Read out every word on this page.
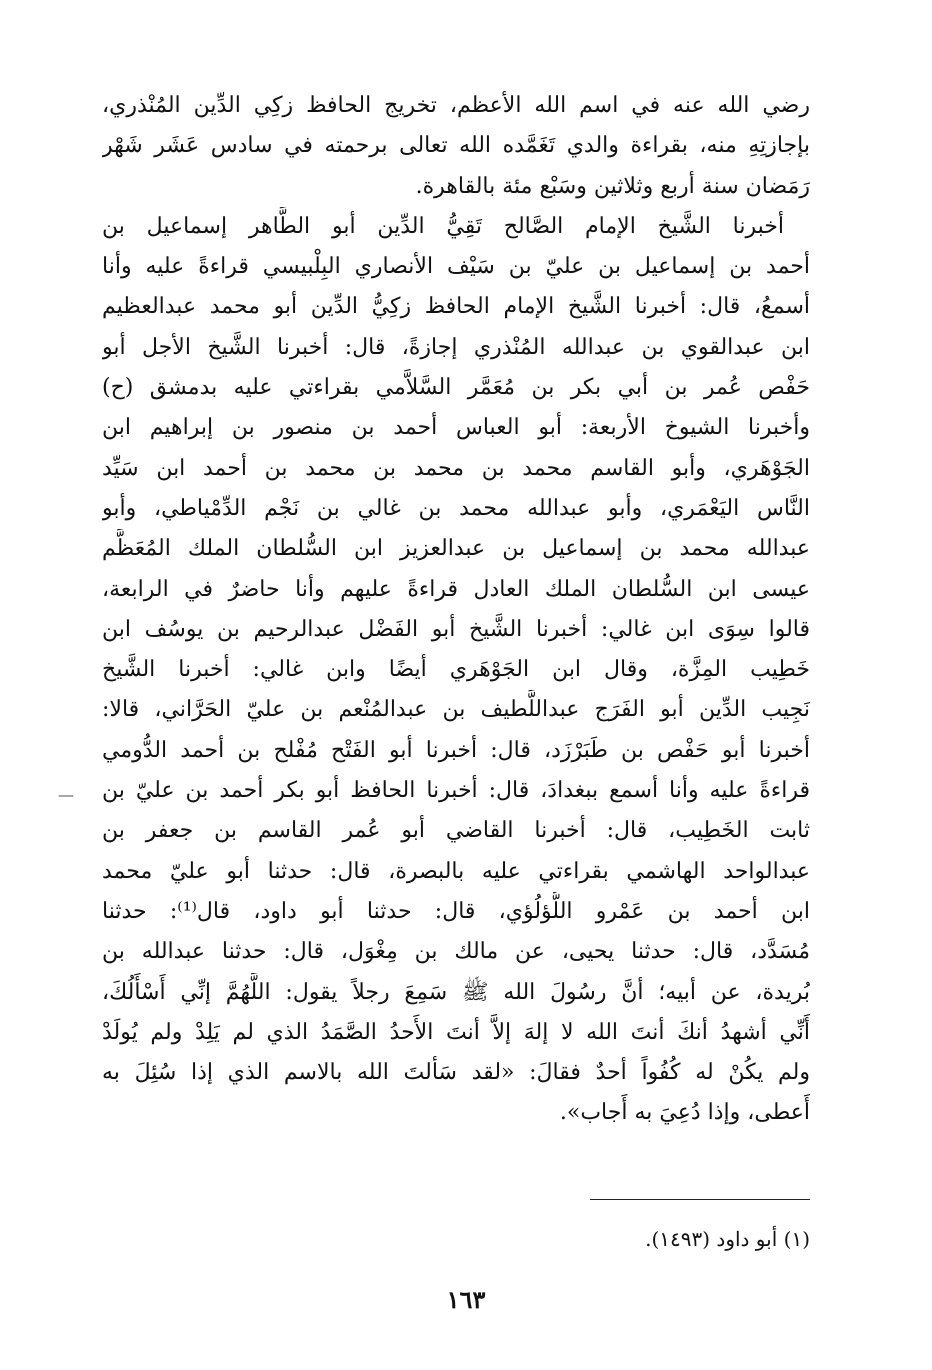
رضي الله عنه في اسم الله الأعظم، تخريج الحافظ زكِي الدِّين المُنْذري،
بإجازتِهِ منه، بقراءة والدي تَغَمَّده الله تعالى برحمته في سادس عَشَر شَهْر
رَمَضان سنة أربع وثلاثين وسَبْع مئة بالقاهرة.
أخبرنا الشَّيخ الإمام الصَّالح تَقِيُّ الدِّين أبو الطَّاهر إسماعيل بن
أحمد بن إسماعيل بن عليّ بن سَيْف الأنصاري البِلْبيسي قراءةً عليه وأنا
أسمعُ، قال: أخبرنا الشَّيخ الإمام الحافظ زكِيُّ الدِّين أبو محمد عبدالعظيم
ابن عبدالقوي بن عبدالله المُنْذري إجازةً، قال: أخبرنا الشَّيخ الأجل أبو
حَفْص عُمر بن أبي بكر بن مُعَمَّر السَّلاَّمي بقراءتي عليه بدمشق (ح)
وأخبرنا الشيوخ الأربعة: أبو العباس أحمد بن منصور بن إبراهيم ابن
الجَوْهَري، وأبو القاسم محمد بن محمد بن محمد بن أحمد ابن سَيِّد
النَّاس اليَعْمَري، وأبو عبدالله محمد بن غالي بن نَجْم الدِّمْياطي، وأبو
عبدالله محمد بن إسماعيل بن عبدالعزيز ابن السُّلطان الملك المُعَظَّم
عيسى ابن السُّلطان الملك العادل قراءةً عليهم وأنا حاضرٌ في الرابعة،
قالوا سِوَى ابن غالي: أخبرنا الشَّيخ أبو الفَضْل عبدالرحيم بن يوسُف ابن
خَطِيب المِزَّة، وقال ابن الجَوْهَري أيضًا وابن غالي: أخبرنا الشَّيخ
نَجِيب الدِّين أبو الفَرَج عبداللَّطيف بن عبدالمُنْعم بن عليّ الحَرَّاني، قالا:
أخبرنا أبو حَفْص بن طَبَرْزَد، قال: أخبرنا أبو الفَتْح مُفْلح بن أحمد الدُّومي
قراءةً عليه وأنا أسمع ببغدادَ، قال: أخبرنا الحافظ أبو بكر أحمد بن عليّ بن
ثابت الخَطِيب، قال: أخبرنا القاضي أبو عُمر القاسم بن جعفر بن
عبدالواحد الهاشمي بقراءتي عليه بالبصرة، قال: حدثنا أبو عليّ محمد
ابن أحمد بن عَمْرو اللُّؤلُؤي، قال: حدثنا أبو داود، قال⁽¹⁾: حدثنا
مُسَدَّد، قال: حدثنا يحيى، عن مالك بن مِغْوَل، قال: حدثنا عبدالله بن
بُريدة، عن أبيه؛ أنَّ رسُولَ الله ﷺ سَمِعَ رجلاً يقول: اللَّهُمَّ إنِّي أَسْأَلُكَ،
أَنِّي أشهدُ أنكَ أنتَ الله لا إلهَ إلاَّ أنتَ الأَحدُ الصَّمَدُ الذي لم يَلِدْ ولم يُولَدْ
ولم يكُنْ له كُفُواً أحدٌ فقالَ: «لقد سَألتَ الله بالاسم الذي إذا سُئِلَ به
أَعطى، وإذا دُعِيَ به أَجاب».
—
(١) أبو داود (١٤٩٣).
١٦٣
